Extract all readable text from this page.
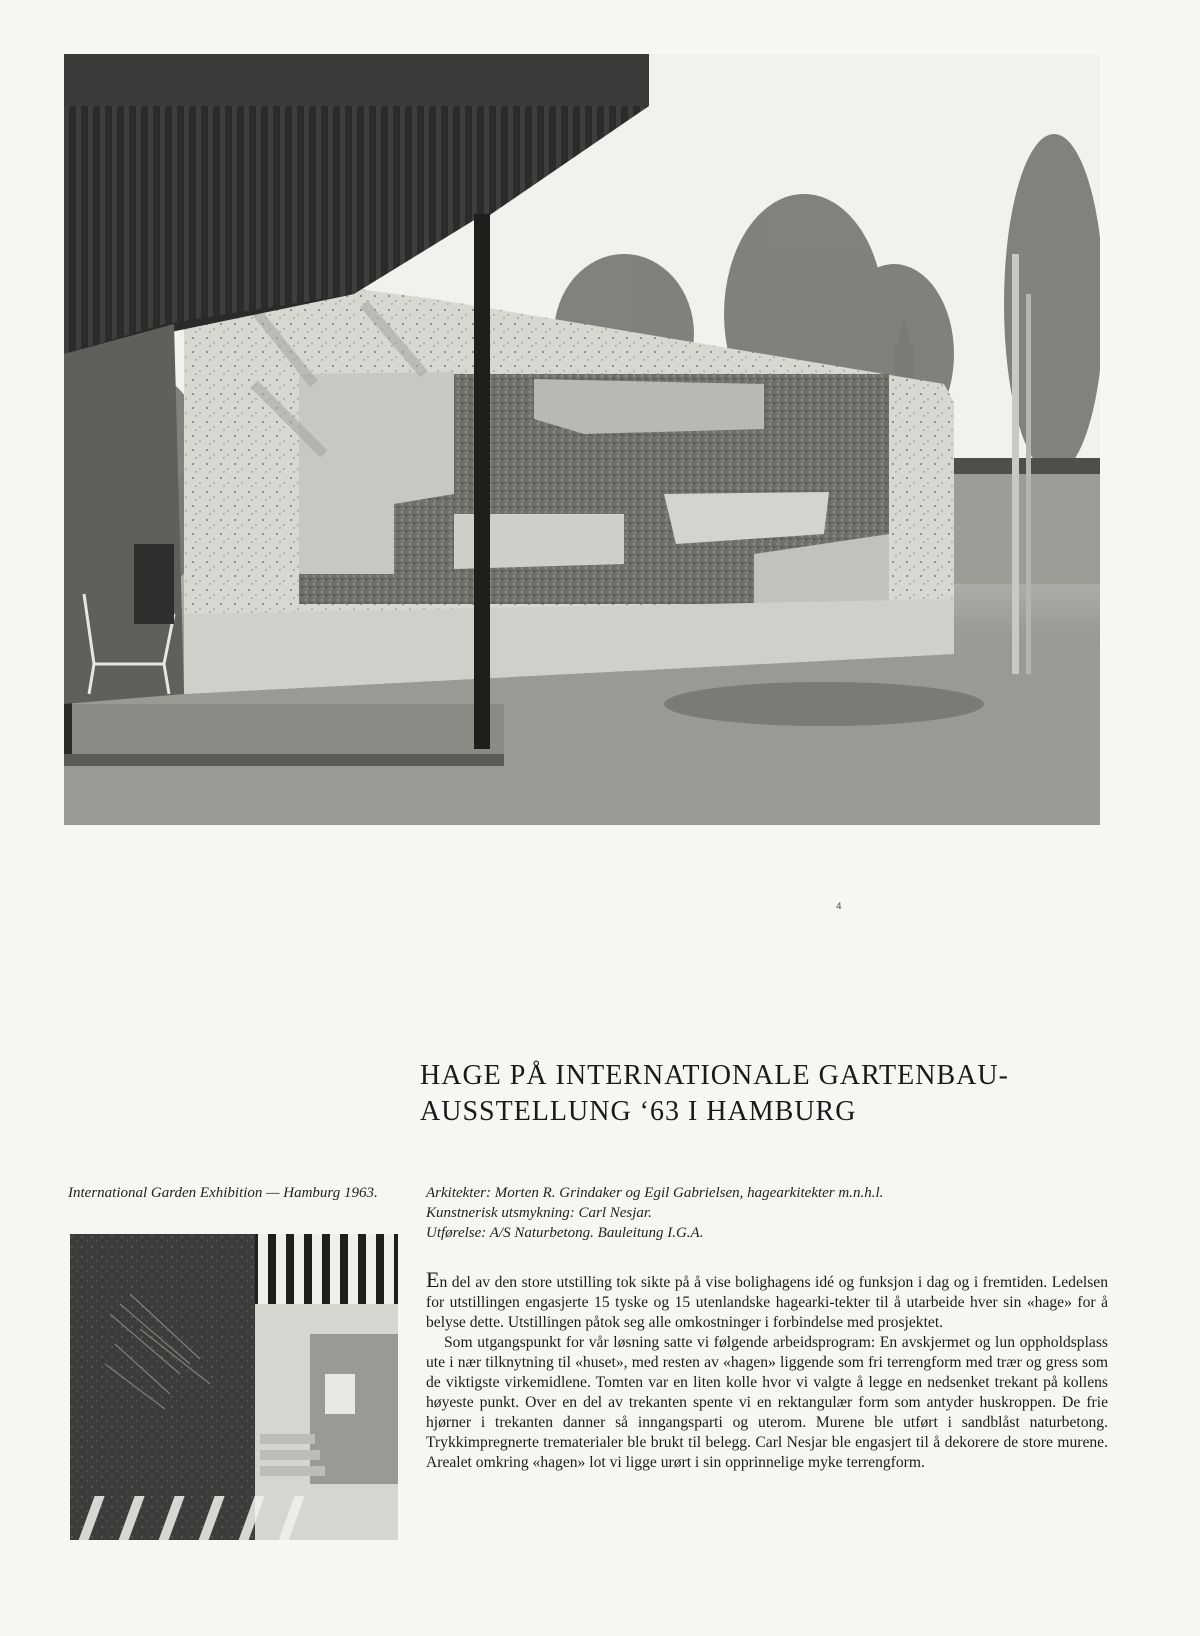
4
HAGE PÅ INTERNATIONALE GARTENBAU-
AUSSTELLUNG ‘63 I HAMBURG
International Garden Exhibition — Hamburg 1963.	Arkitekter: Morten R. Grindaker og Egil Gabrielsen, hagearkitekter m.n.h.l.
Kunstnerisk utsmykning: Carl Nesjar.
Utførelse: A/S Naturbetong. Bauleitung I.G.A.

En del av den store utstilling tok sikte på å vise bolighagens idé og funksjon i dag og i fremtiden. Ledelsen for utstillingen engasjerte 15 tyske og 15 utenlandske hagearki-tekter til å utarbeide hver sin «hage» for å belyse dette. Utstillingen påtok seg alle omkostninger i forbindelse med prosjektet.

Som utgangspunkt for vår løsning satte vi følgende arbeidsprogram: En avskjermet og lun oppholdsplass ute i nær tilknytning til «huset», med resten av «hagen» liggende som fri terrengform med trær og gress som de viktigste virkemidlene. Tomten var en liten kolle hvor vi valgte å legge en nedsenket trekant på kollens høyeste punkt. Over en del av trekanten spente vi en rektangulær form som antyder huskroppen. De frie hjørner i trekanten danner så inngangsparti og uterom. Murene ble utført i sandblåst naturbetong. Trykkimpregnerte trematerialer ble brukt til belegg. Carl Nesjar ble engasjert til å dekorere de store murene. Arealet omkring «hagen» lot vi ligge urørt i sin opprinnelige myke terrengform.
